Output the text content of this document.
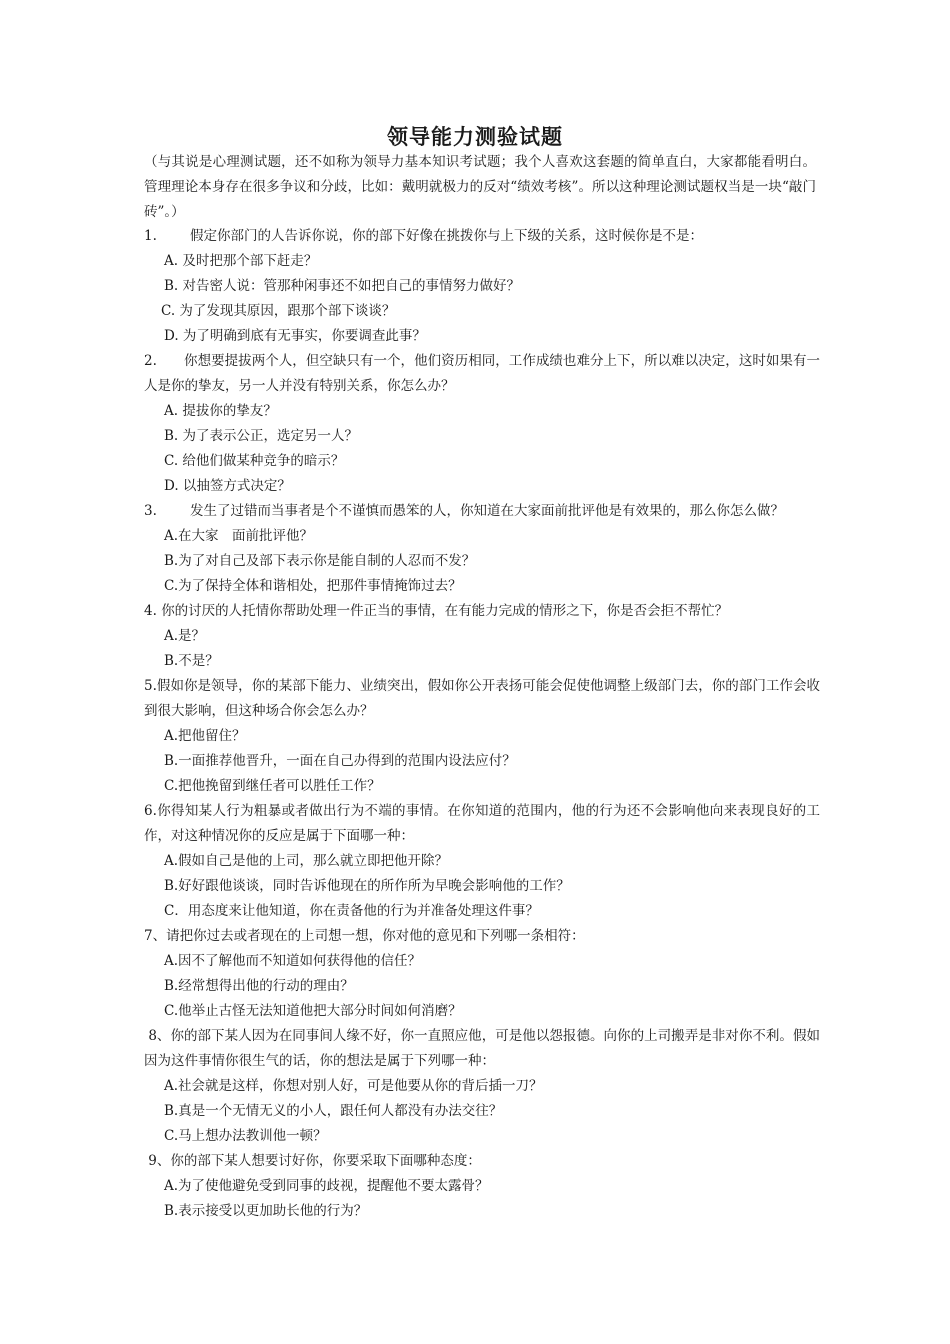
领导能力测验试题
（与其说是心理测试题，还不如称为领导力基本知识考试题；我个人喜欢这套题的简单直白，大家都能看明白。管理理论本身存在很多争议和分歧，比如：戴明就极力的反对“绩效考核”。所以这种理论测试题权当是一块“敲门砖”。）
1. 假定你部门的人告诉你说，你的部下好像在挑拨你与上下级的关系，这时候你是不是：
A. 及时把那个部下赶走？
B. 对告密人说：管那种闲事还不如把自己的事情努力做好？
C. 为了发现其原因，跟那个部下谈谈？
D. 为了明确到底有无事实，你要调查此事？
2. 你想要提拔两个人，但空缺只有一个，他们资历相同，工作成绩也难分上下，所以难以决定，这时如果有一人是你的挚友，另一人并没有特别关系，你怎么办？
A. 提拔你的挚友？
B. 为了表示公正，选定另一人？
C. 给他们做某种竞争的暗示？
D. 以抽签方式决定？
3. 发生了过错而当事者是个不谨慎而愚笨的人，你知道在大家面前批评他是有效果的，那么你怎么做？
A.在大家　面前批评他？
B.为了对自己及部下表示你是能自制的人忍而不发？
C.为了保持全体和谐相处，把那件事情掩饰过去？
4. 你的讨厌的人托情你帮助处理一件正当的事情，在有能力完成的情形之下，你是否会拒不帮忙？
A.是？
B.不是？
5.假如你是领导，你的某部下能力、业绩突出，假如你公开表扬可能会促使他调整上级部门去，你的部门工作会收到很大影响，但这种场合你会怎么办？
A.把他留住？
B.一面推荐他晋升，一面在自己办得到的范围内设法应付？
C.把他挽留到继任者可以胜任工作？
6.你得知某人行为粗暴或者做出行为不端的事情。在你知道的范围内，他的行为还不会影响他向来表现良好的工作，对这种情况你的反应是属于下面哪一种：
A.假如自己是他的上司，那么就立即把他开除？
B.好好跟他谈谈，同时告诉他现在的所作所为早晚会影响他的工作？
C．用态度来让他知道，你在责备他的行为并准备处理这件事？
7、请把你过去或者现在的上司想一想，你对他的意见和下列哪一条相符：
A.因不了解他而不知道如何获得他的信任？
B.经常想得出他的行动的理由？
C.他举止古怪无法知道他把大部分时间如何消磨？
8、你的部下某人因为在同事间人缘不好，你一直照应他，可是他以怨报德。向你的上司搬弄是非对你不利。假如因为这件事情你很生气的话，你的想法是属于下列哪一种：
A.社会就是这样，你想对别人好，可是他要从你的背后插一刀？
B.真是一个无情无义的小人，跟任何人都没有办法交往？
C.马上想办法教训他一顿？
9、你的部下某人想要讨好你，你要采取下面哪种态度：
A.为了使他避免受到同事的歧视，提醒他不要太露骨？
B.表示接受以更加助长他的行为？
